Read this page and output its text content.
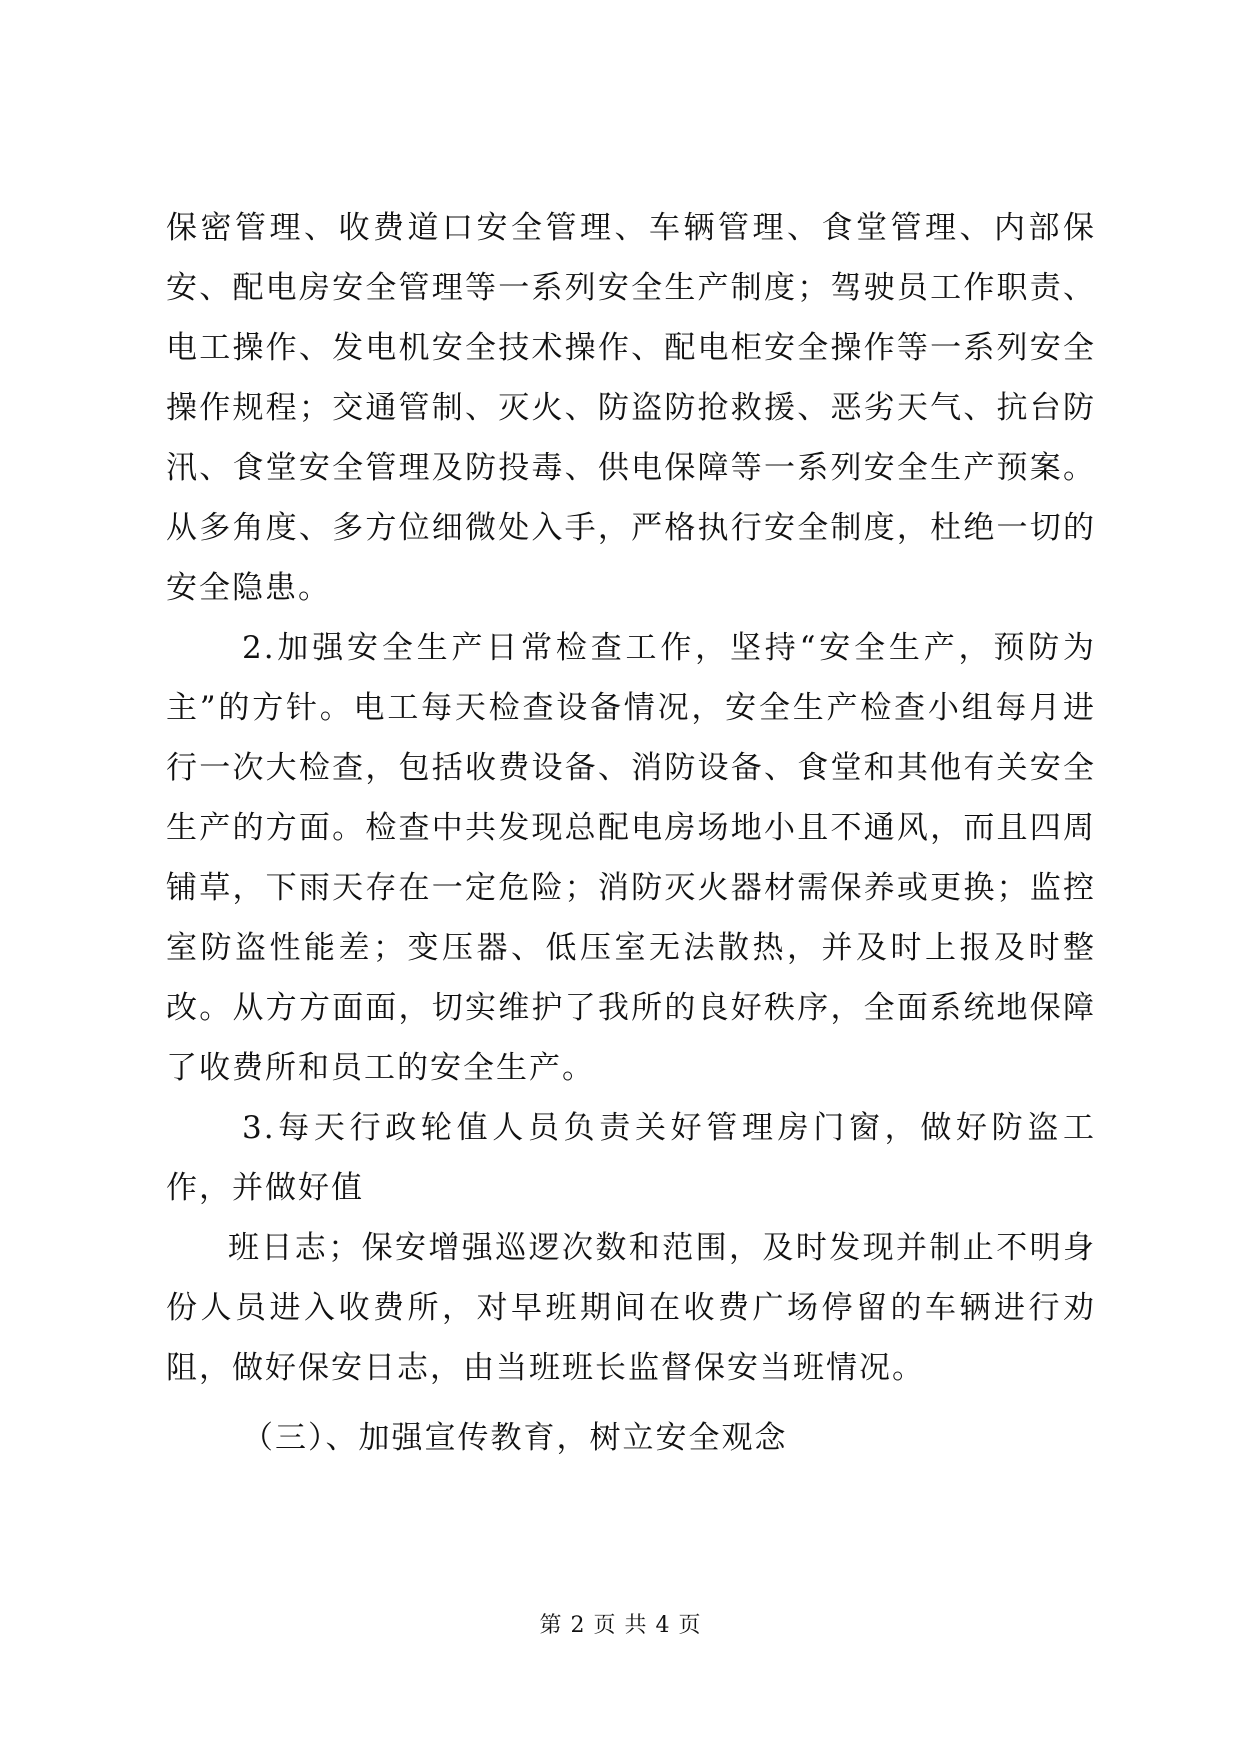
保密管理、收费道口安全管理、车辆管理、食堂管理、内部保安、配电房安全管理等一系列安全生产制度；驾驶员工作职责、电工操作、发电机安全技术操作、配电柜安全操作等一系列安全操作规程；交通管制、灭火、防盗防抢救援、恶劣天气、抗台防汛、食堂安全管理及防投毒、供电保障等一系列安全生产预案。从多角度、多方位细微处入手，严格执行安全制度，杜绝一切的安全隐患。

2.加强安全生产日常检查工作，坚持“安全生产，预防为主”的方针。电工每天检查设备情况，安全生产检查小组每月进行一次大检查，包括收费设备、消防设备、食堂和其他有关安全生产的方面。检查中共发现总配电房场地小且不通风，而且四周铺草，下雨天存在一定危险；消防灭火器材需保养或更换；监控室防盗性能差；变压器、低压室无法散热，并及时上报及时整改。从方方面面，切实维护了我所的良好秩序，全面系统地保障了收费所和员工的安全生产。

3.每天行政轮值人员负责关好管理房门窗，做好防盗工作，并做好值

班日志；保安增强巡逻次数和范围，及时发现并制止不明身份人员进入收费所，对早班期间在收费广场停留的车辆进行劝阻，做好保安日志，由当班班长监督保安当班情况。

（三）、加强宣传教育，树立安全观念

第 2 页 共 4 页
